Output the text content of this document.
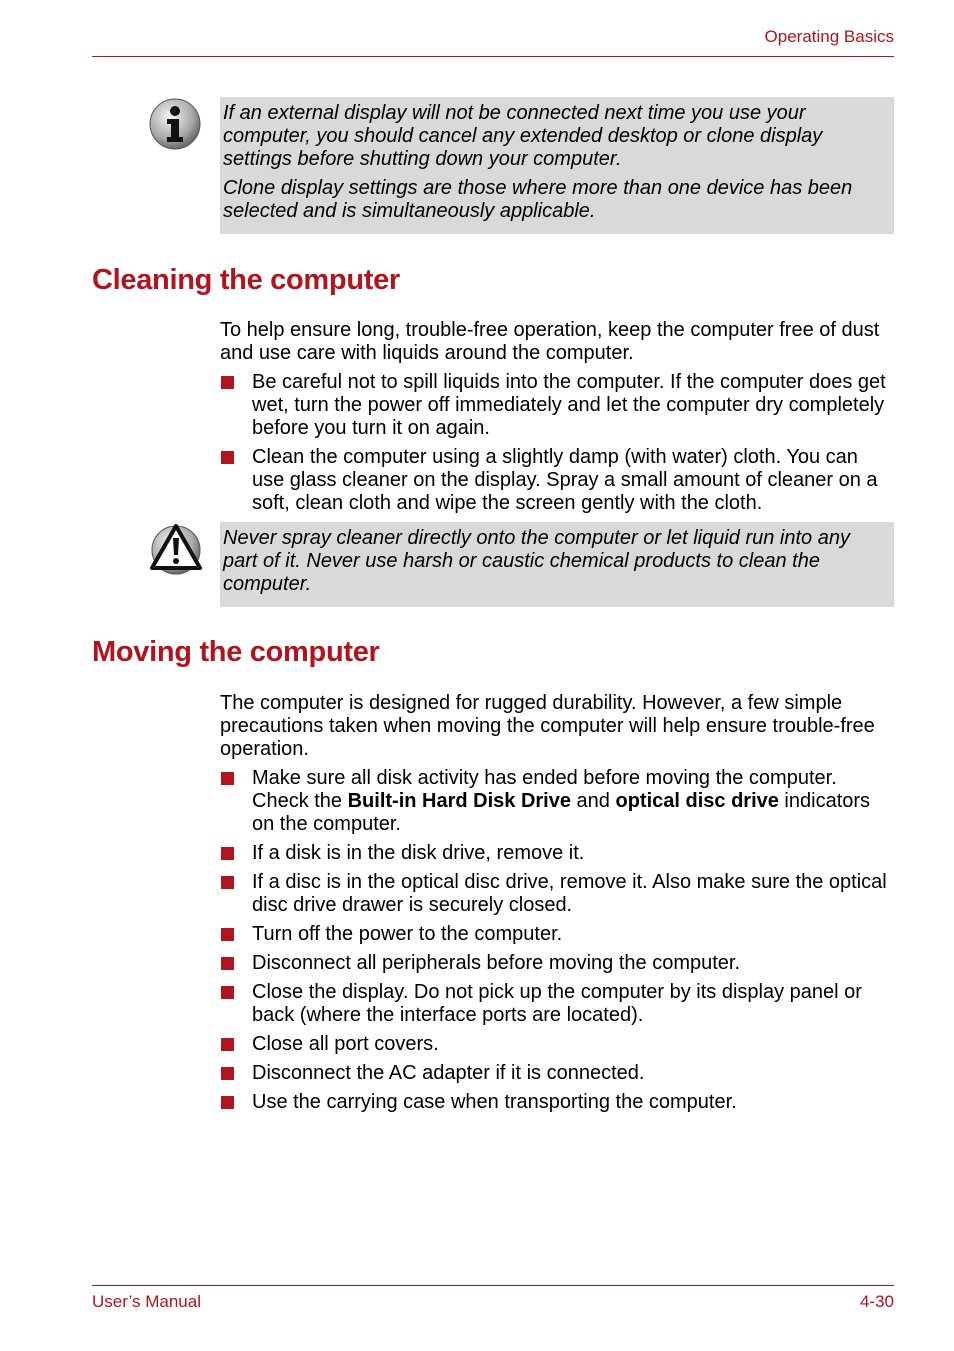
Operating Basics

If an external display will not be connected next time you use your computer, you should cancel any extended desktop or clone display settings before shutting down your computer.

Clone display settings are those where more than one device has been selected and is simultaneously applicable.

Cleaning the computer

To help ensure long, trouble-free operation, keep the computer free of dust and use care with liquids around the computer.

Be careful not to spill liquids into the computer. If the computer does get wet, turn the power off immediately and let the computer dry completely before you turn it on again.
Clean the computer using a slightly damp (with water) cloth. You can use glass cleaner on the display. Spray a small amount of cleaner on a soft, clean cloth and wipe the screen gently with the cloth.

Never spray cleaner directly onto the computer or let liquid run into any part of it. Never use harsh or caustic chemical products to clean the computer.

Moving the computer

The computer is designed for rugged durability. However, a few simple precautions taken when moving the computer will help ensure trouble-free operation.

Make sure all disk activity has ended before moving the computer. Check the Built-in Hard Disk Drive and optical disc drive indicators on the computer.
If a disk is in the disk drive, remove it.
If a disc is in the optical disc drive, remove it. Also make sure the optical disc drive drawer is securely closed.
Turn off the power to the computer.
Disconnect all peripherals before moving the computer.
Close the display. Do not pick up the computer by its display panel or back (where the interface ports are located).
Close all port covers.
Disconnect the AC adapter if it is connected.
Use the carrying case when transporting the computer.
User’s Manual	4-30
